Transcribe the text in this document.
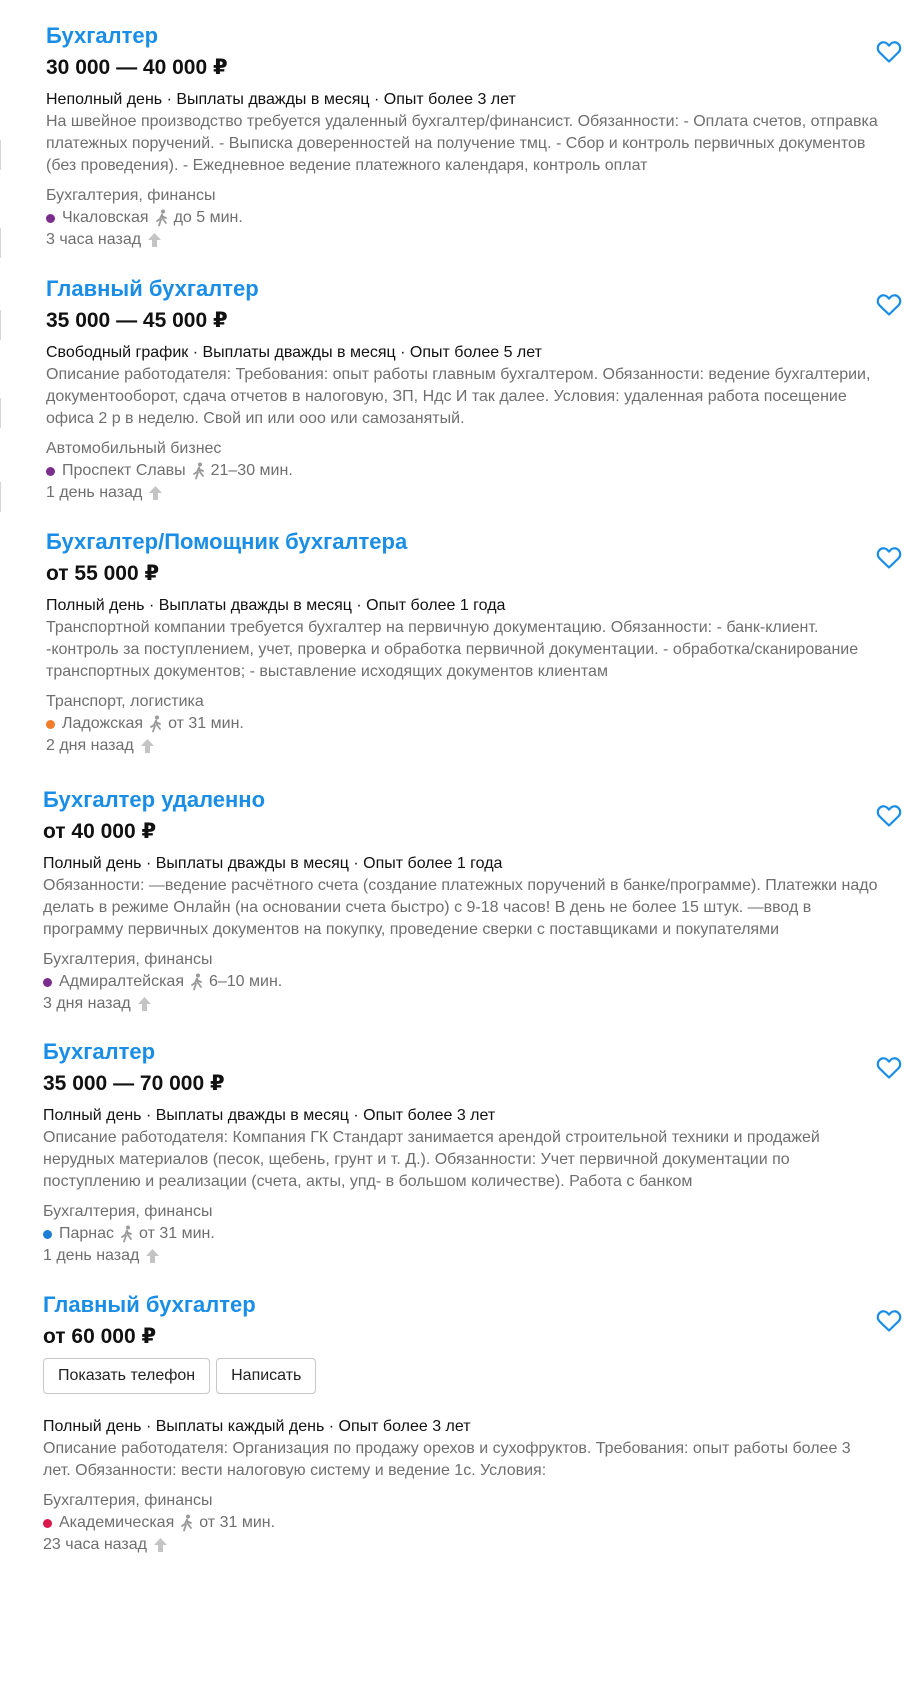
Бухгалтер
30 000 — 40 000 ₽
Неполный день · Выплаты дважды в месяц · Опыт более 3 лет
На швейное производство требуется удаленный бухгалтер/финансист. Обязанности: - Оплата счетов, отправка платежных поручений. - Выписка доверенностей на получение тмц. - Сбор и контроль первичных документов (без проведения). - Ежедневное ведение платежного календаря, контроль оплат
Бухгалтерия, финансы
Чкаловская до 5 мин.
3 часа назад
Главный бухгалтер
35 000 — 45 000 ₽
Свободный график · Выплаты дважды в месяц · Опыт более 5 лет
Описание работодателя: Требования: опыт работы главным бухгалтером. Обязанности: ведение бухгалтерии, документооборот, сдача отчетов в налоговую, ЗП, Ндс И так далее. Условия: удаленная работа посещение офиса 2 р в неделю. Свой ип или ооо или самозанятый.
Автомобильный бизнес
Проспект Славы 21–30 мин.
1 день назад
Бухгалтер/Помощник бухгалтера
от 55 000 ₽
Полный день · Выплаты дважды в месяц · Опыт более 1 года
Транспортной компании требуется бухгалтер на первичную документацию. Обязанности: - банк-клиент. -контроль за поступлением, учет, проверка и обработка первичной документации. - обработка/сканирование транспортных документов; - выставление исходящих документов клиентам
Транспорт, логистика
Ладожская от 31 мин.
2 дня назад
Бухгалтер удаленно
от 40 000 ₽
Полный день · Выплаты дважды в месяц · Опыт более 1 года
Обязанности: —ведение расчётного счета (создание платежных поручений в банке/программе). Платежки надо делать в режиме Онлайн (на основании счета быстро) с 9-18 часов! В день не более 15 штук. —ввод в программу первичных документов на покупку, проведение сверки с поставщиками и покупателями
Бухгалтерия, финансы
Адмиралтейская 6–10 мин.
3 дня назад
Бухгалтер
35 000 — 70 000 ₽
Полный день · Выплаты дважды в месяц · Опыт более 3 лет
Описание работодателя: Компания ГК Стандарт занимается арендой строительной техники и продажей нерудных материалов (песок, щебень, грунт и т. Д.). Обязанности: Учет первичной документации по поступлению и реализации (счета, акты, упд- в большом количестве). Работа с банком
Бухгалтерия, финансы
Парнас от 31 мин.
1 день назад
Главный бухгалтер
от 60 000 ₽
Показать телефон	Написать
Полный день · Выплаты каждый день · Опыт более 3 лет
Описание работодателя: Организация по продажу орехов и сухофруктов. Требования: опыт работы более 3 лет. Обязанности: вести налоговую систему и ведение 1с. Условия:
Бухгалтерия, финансы
Академическая от 31 мин.
23 часа назад
